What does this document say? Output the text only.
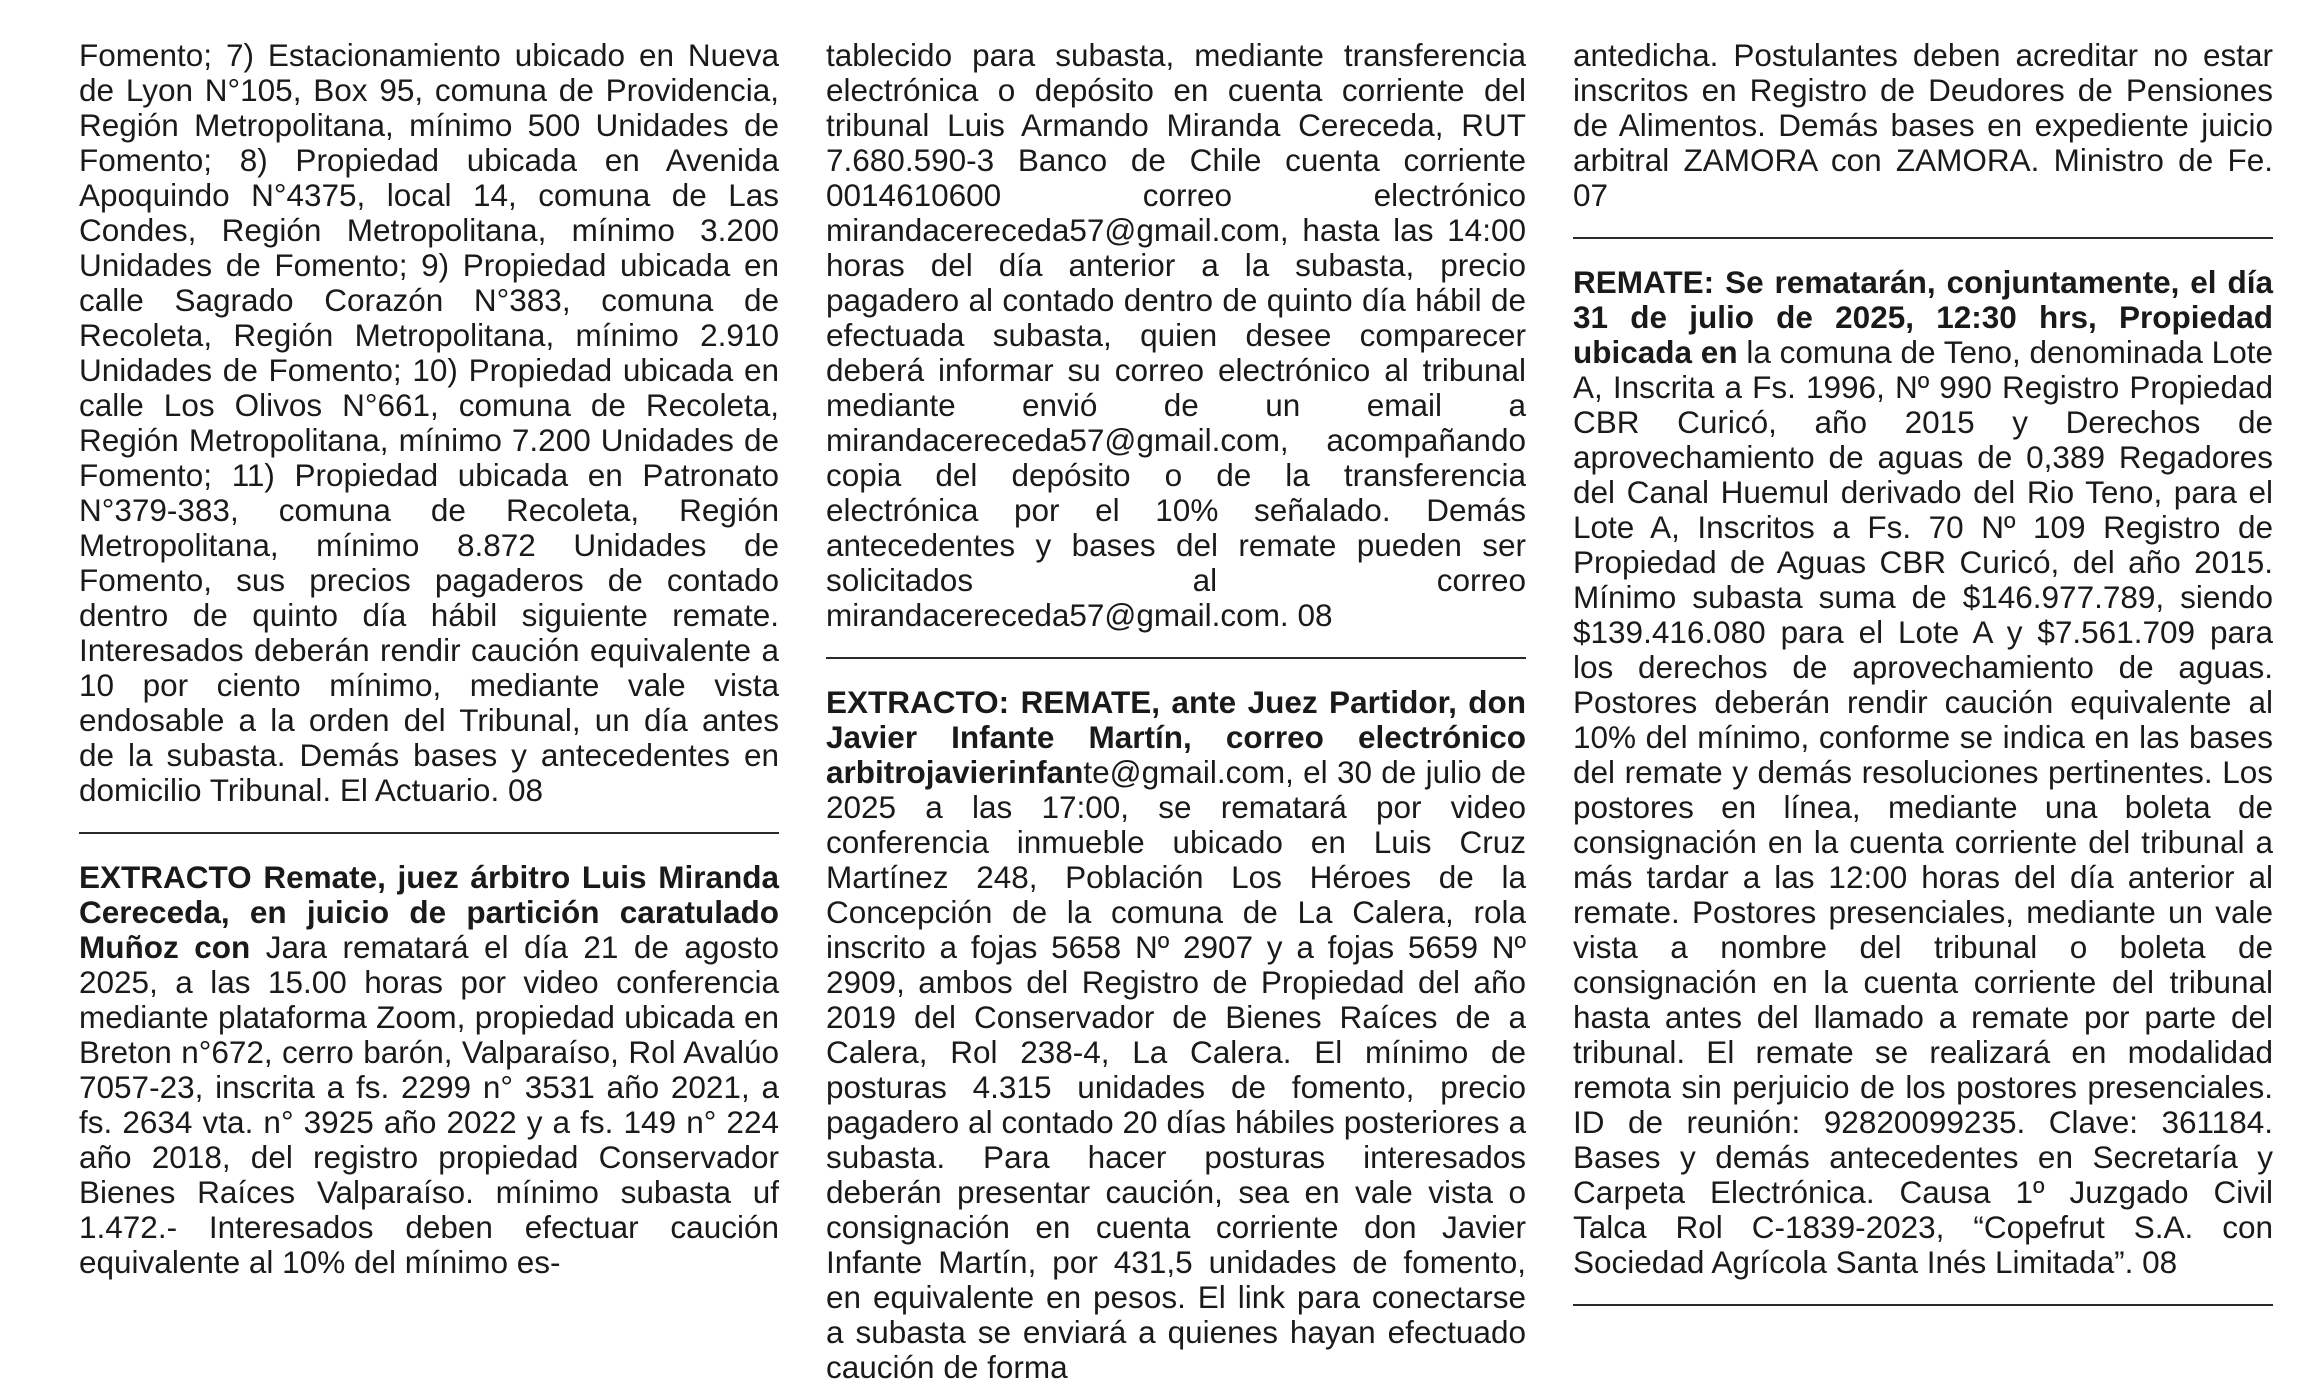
Fomento; 7) Estacionamiento ubicado en Nueva de Lyon N°105, Box 95, comuna de Providencia, Región Metropolitana, mínimo 500 Unidades de Fomento; 8) Propiedad ubicada en Avenida Apoquindo N°4375, local 14, comuna de Las Condes, Región Metropolitana, mínimo 3.200 Unidades de Fomento; 9) Propiedad ubicada en calle Sagrado Corazón N°383, comuna de Recoleta, Región Metropolitana, mínimo 2.910 Unidades de Fomento; 10) Propiedad ubicada en calle Los Olivos N°661, comuna de Recoleta, Región Metropolitana, mínimo 7.200 Unidades de Fomento; 11) Propiedad ubicada en Patronato N°379-383, comuna de Recoleta, Región Metropolitana, mínimo 8.872 Unidades de Fomento, sus precios pagaderos de contado dentro de quinto día hábil siguiente remate. Interesados deberán rendir caución equivalente a 10 por ciento mínimo, mediante vale vista endosable a la orden del Tribunal, un día antes de la subasta. Demás bases y antecedentes en domicilio Tribunal. El Actuario. 08

EXTRACTO Remate, juez árbitro Luis Miranda Cereceda, en juicio de partición caratulado Muñoz con Jara rematará el día 21 de agosto 2025, a las 15.00 horas por video conferencia mediante plataforma Zoom, propiedad ubicada en Breton n°672, cerro barón, Valparaíso, Rol Avalúo 7057-23, inscrita a fs. 2299 n° 3531 año 2021, a fs. 2634 vta. n° 3925 año 2022 y a fs. 149 n° 224 año 2018, del registro propiedad Conservador Bienes Raíces Valparaíso. mínimo subasta uf 1.472.- Interesados deben efectuar caución equivalente al 10% del mínimo es-

tablecido para subasta, mediante transferencia electrónica o depósito en cuenta corriente del tribunal Luis Armando Miranda Cereceda, RUT 7.680.590-3 Banco de Chile cuenta corriente 0014610600 correo electrónico mirandacereceda57@gmail.com, hasta las 14:00 horas del día anterior a la subasta, precio pagadero al contado dentro de quinto día hábil de efectuada subasta, quien desee comparecer deberá informar su correo electrónico al tribunal mediante envió de un email a mirandacereceda57@gmail.com, acompañando copia del depósito o de la transferencia electrónica por el 10% señalado. Demás antecedentes y bases del remate pueden ser solicitados al correo mirandacereceda57@gmail.com. 08

EXTRACTO: REMATE, ante Juez Partidor, don Javier Infante Martín, correo electrónico arbitrojavierinfante@gmail.com, el 30 de julio de 2025 a las 17:00, se rematará por video conferencia inmueble ubicado en Luis Cruz Martínez 248, Población Los Héroes de la Concepción de la comuna de La Calera, rola inscrito a fojas 5658 Nº 2907 y a fojas 5659 Nº 2909, ambos del Registro de Propiedad del año 2019 del Conservador de Bienes Raíces de a Calera, Rol 238-4, La Calera. El mínimo de posturas 4.315 unidades de fomento, precio pagadero al contado 20 días hábiles posteriores a subasta. Para hacer posturas interesados deberán presentar caución, sea en vale vista o consignación en cuenta corriente don Javier Infante Martín, por 431,5 unidades de fomento, en equivalente en pesos. El link para conectarse a subasta se enviará a quienes hayan efectuado caución de forma

antedicha. Postulantes deben acreditar no estar inscritos en Registro de Deudores de Pensiones de Alimentos. Demás bases en expediente juicio arbitral ZAMORA con ZAMORA. Ministro de Fe. 07

REMATE: Se rematarán, conjuntamente, el día 31 de julio de 2025, 12:30 hrs, Propiedad ubicada en la comuna de Teno, denominada Lote A, Inscrita a Fs. 1996, Nº 990 Registro Propiedad CBR Curicó, año 2015 y Derechos de aprovechamiento de aguas de 0,389 Regadores del Canal Huemul derivado del Rio Teno, para el Lote A, Inscritos a Fs. 70 Nº 109 Registro de Propiedad de Aguas CBR Curicó, del año 2015. Mínimo subasta suma de $146.977.789, siendo $139.416.080 para el Lote A y $7.561.709 para los derechos de aprovechamiento de aguas. Postores deberán rendir caución equivalente al 10% del mínimo, conforme se indica en las bases del remate y demás resoluciones pertinentes. Los postores en línea, mediante una boleta de consignación en la cuenta corriente del tribunal a más tardar a las 12:00 horas del día anterior al remate. Postores presenciales, mediante un vale vista a nombre del tribunal o boleta de consignación en la cuenta corriente del tribunal hasta antes del llamado a remate por parte del tribunal. El remate se realizará en modalidad remota sin perjuicio de los postores presenciales. ID de reunión: 92820099235. Clave: 361184. Bases y demás antecedentes en Secretaría y Carpeta Electrónica. Causa 1º Juzgado Civil Talca Rol C-1839-2023, “Copefrut S.A. con Sociedad Agrícola Santa Inés Limitada”. 08
